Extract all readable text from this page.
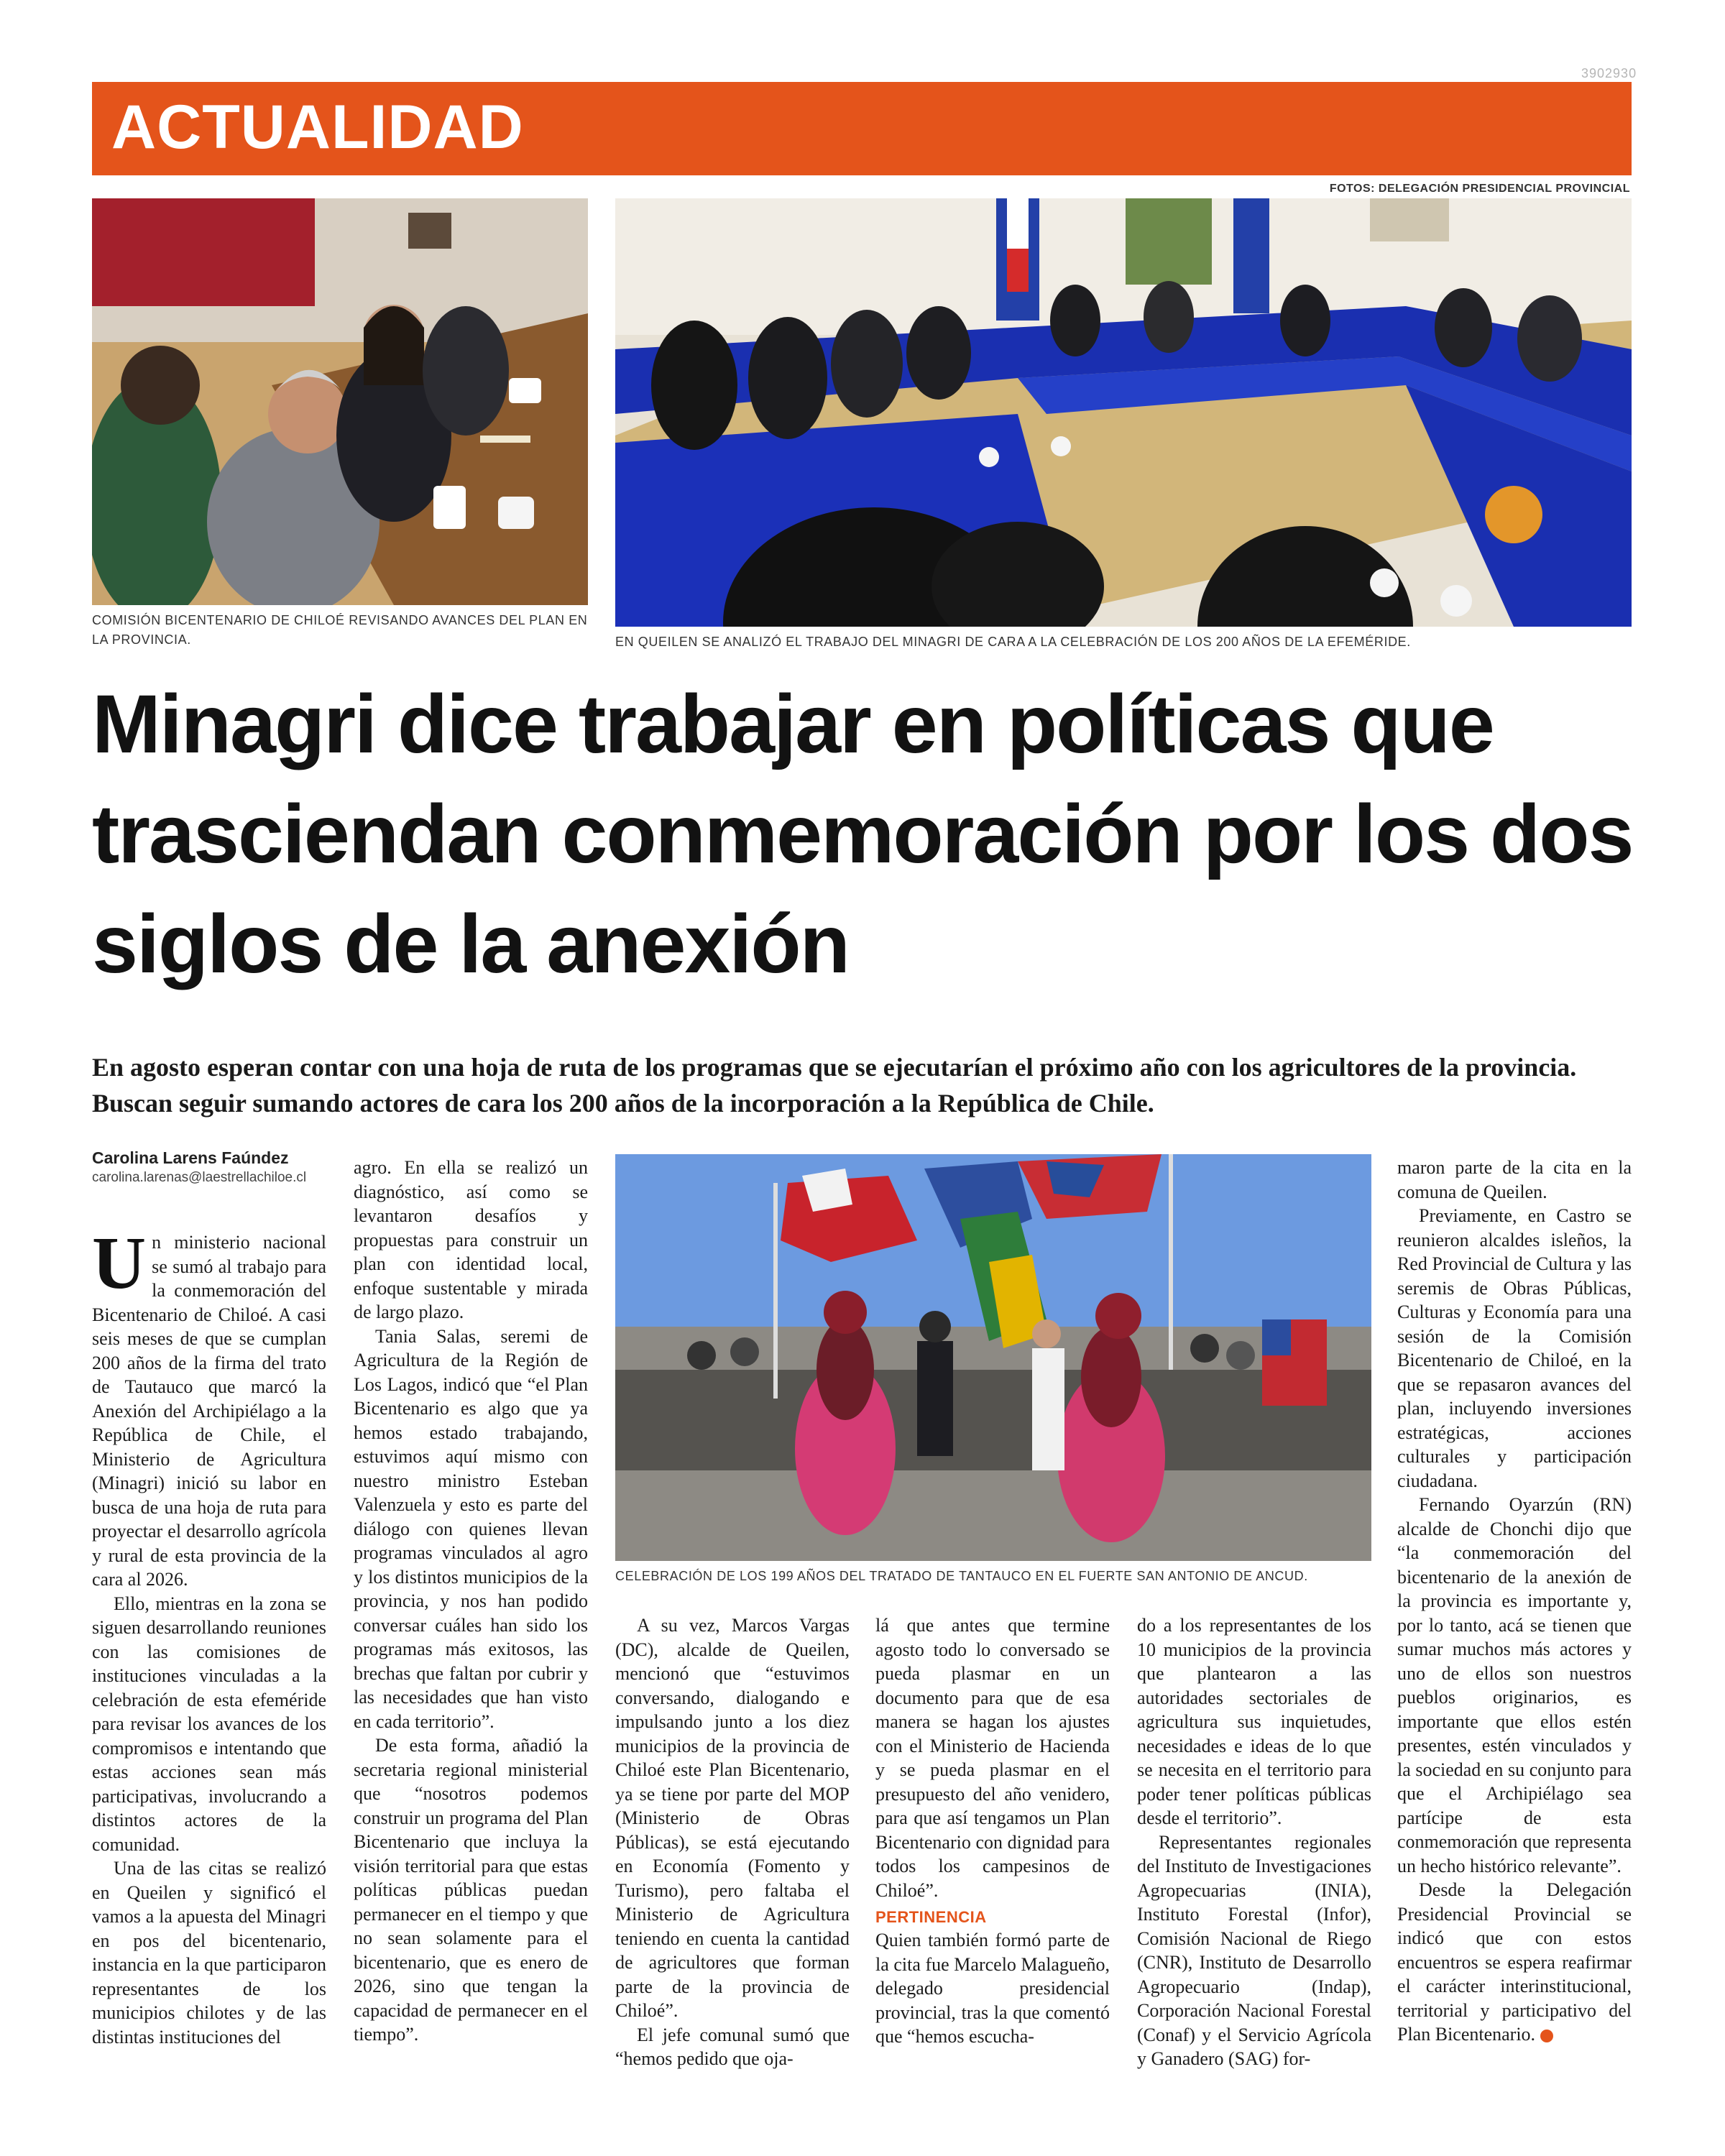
3902930
ACTUALIDAD
FOTOS: DELEGACIÓN PRESIDENCIAL PROVINCIAL
COMISIÓN BICENTENARIO DE CHILOÉ REVISANDO AVANCES DEL PLAN EN LA PROVINCIA.	EN QUEILEN SE ANALIZÓ EL TRABAJO DEL MINAGRI DE CARA A LA CELEBRACIÓN DE LOS 200 AÑOS DE LA EFEMÉRIDE.
Minagri dice trabajar en políticas que trasciendan conmemoración por los dos siglos de la anexión
En agosto esperan contar con una hoja de ruta de los programas que se ejecutarían el próximo año con los agricultores de la provincia. Buscan seguir sumando actores de cara los 200 años de la incorporación a la República de Chile.
Carolina Larens Faúndez
carolina.larenas@laestrellachiloe.cl

Un ministerio nacional se sumó al trabajo para la conmemoración del Bicentenario de Chiloé. A casi seis meses de que se cumplan 200 años de la firma del trato de Tautauco que marcó la Anexión del Archipiélago a la República de Chile, el Ministerio de Agricultura (Minagri) inició su labor en busca de una hoja de ruta para proyectar el desarrollo agrícola y rural de esta provincia de la cara al 2026.

Ello, mientras en la zona se siguen desarrollando reuniones con las comisiones de instituciones vinculadas a la celebración de esta efeméride para revisar los avances de los compromisos e intentando que estas acciones sean más participativas, involucrando a distintos actores de la comunidad.

Una de las citas se realizó en Queilen y significó el vamos a la apuesta del Minagri en pos del bicentenario, instancia en la que participaron representantes de los municipios chilotes y de las distintas instituciones del

agro. En ella se realizó un diagnóstico, así como se levantaron desafíos y propuestas para construir un plan con identidad local, enfoque sustentable y mirada de largo plazo.

Tania Salas, seremi de Agricultura de la Región de Los Lagos, indicó que “el Plan Bicentenario es algo que ya hemos estado trabajando, estuvimos aquí mismo con nuestro ministro Esteban Valenzuela y esto es parte del diálogo con quienes llevan programas vinculados al agro y los distintos municipios de la provincia, y nos han podido conversar cuáles han sido los programas más exitosos, las brechas que faltan por cubrir y las necesidades que han visto en cada territorio”.

De esta forma, añadió la secretaria regional ministerial que “nosotros podemos construir un programa del Plan Bicentenario que incluya la visión territorial para que estas políticas públicas puedan permanecer en el tiempo y que no sean solamente para el bicentenario, que es enero de 2026, sino que tengan la capacidad de permanecer en el tiempo”.

CELEBRACIÓN DE LOS 199 AÑOS DEL TRATADO DE TANTAUCO EN EL FUERTE SAN ANTONIO DE ANCUD.

A su vez, Marcos Vargas (DC), alcalde de Queilen, mencionó que “estuvimos conversando, dialogando e impulsando junto a los diez municipios de la provincia de Chiloé este Plan Bicentenario, ya se tiene por parte del MOP (Ministerio de Obras Públicas), se está ejecutando en Economía (Fomento y Turismo), pero faltaba el Ministerio de Agricultura teniendo en cuenta la cantidad de agricultores que forman parte de la provincia de Chiloé”.

El jefe comunal sumó que “hemos pedido que oja-

lá que antes que termine agosto todo lo conversado se pueda plasmar en un documento para que de esa manera se hagan los ajustes con el Ministerio de Hacienda y se pueda plasmar en el presupuesto del año venidero, para que así tengamos un Plan Bicentenario con dignidad para todos los campesinos de Chiloé”.

PERTINENCIA

Quien también formó parte de la cita fue Marcelo Malagueño, delegado presidencial provincial, tras la que comentó que “hemos escucha-

do a los representantes de los 10 municipios de la provincia que plantearon a las autoridades sectoriales de agricultura sus inquietudes, necesidades e ideas de lo que se necesita en el territorio para poder tener políticas públicas desde el territorio”.

Representantes regionales del Instituto de Investigaciones Agropecuarias (INIA), Instituto Forestal (Infor), Comisión Nacional de Riego (CNR), Instituto de Desarrollo Agropecuario (Indap), Corporación Nacional Forestal (Conaf) y el Servicio Agrícola y Ganadero (SAG) for-

maron parte de la cita en la comuna de Queilen.

Previamente, en Castro se reunieron alcaldes isleños, la Red Provincial de Cultura y las seremis de Obras Públicas, Culturas y Economía para una sesión de la Comisión Bicentenario de Chiloé, en la que se repasaron avances del plan, incluyendo inversiones estratégicas, acciones culturales y participación ciudadana.

Fernando Oyarzún (RN) alcalde de Chonchi dijo que “la conmemoración del bicentenario de la anexión de la provincia es importante y, por lo tanto, acá se tienen que sumar muchos más actores y uno de ellos son nuestros pueblos originarios, es importante que ellos estén presentes, estén vinculados y la sociedad en su conjunto para que el Archipiélago sea partícipe de esta conmemoración que representa un hecho histórico relevante”.

Desde la Delegación Presidencial Provincial se indicó que con estos encuentros se espera reafirmar el carácter interinstitucional, territorial y participativo del Plan Bicentenario.	●
